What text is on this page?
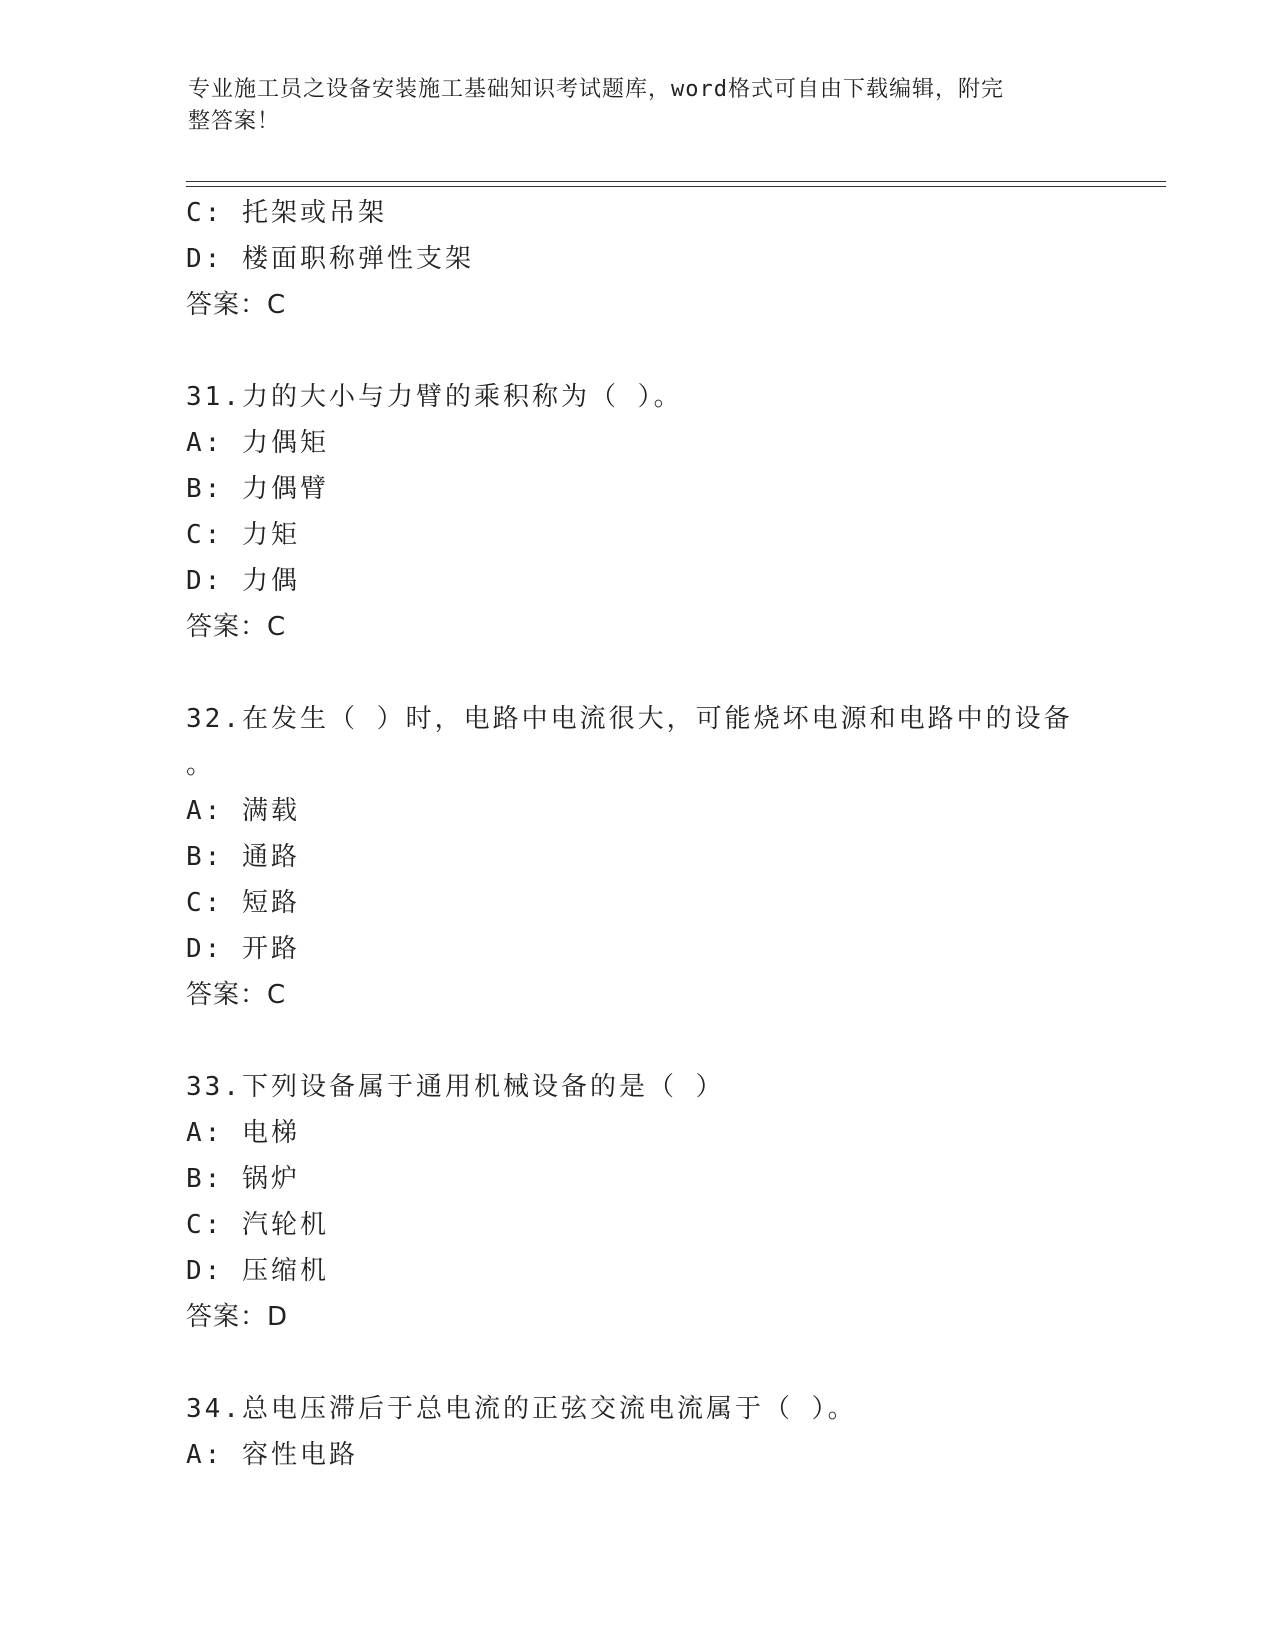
专业施工员之设备安装施工基础知识考试题库，word格式可自由下载编辑，附完
整答案！
C: 托架或吊架
D: 楼面职称弹性支架
答案：C
31.力的大小与力臂的乘积称为（ ）。
A: 力偶矩
B: 力偶臂
C: 力矩
D: 力偶
答案：C
32.在发生（ ）时，电路中电流很大，可能烧坏电源和电路中的设备
。
A: 满载
B: 通路
C: 短路
D: 开路
答案：C
33.下列设备属于通用机械设备的是（ ）
A: 电梯
B: 锅炉
C: 汽轮机
D: 压缩机
答案：D
34.总电压滞后于总电流的正弦交流电流属于（ ）。
A: 容性电路
